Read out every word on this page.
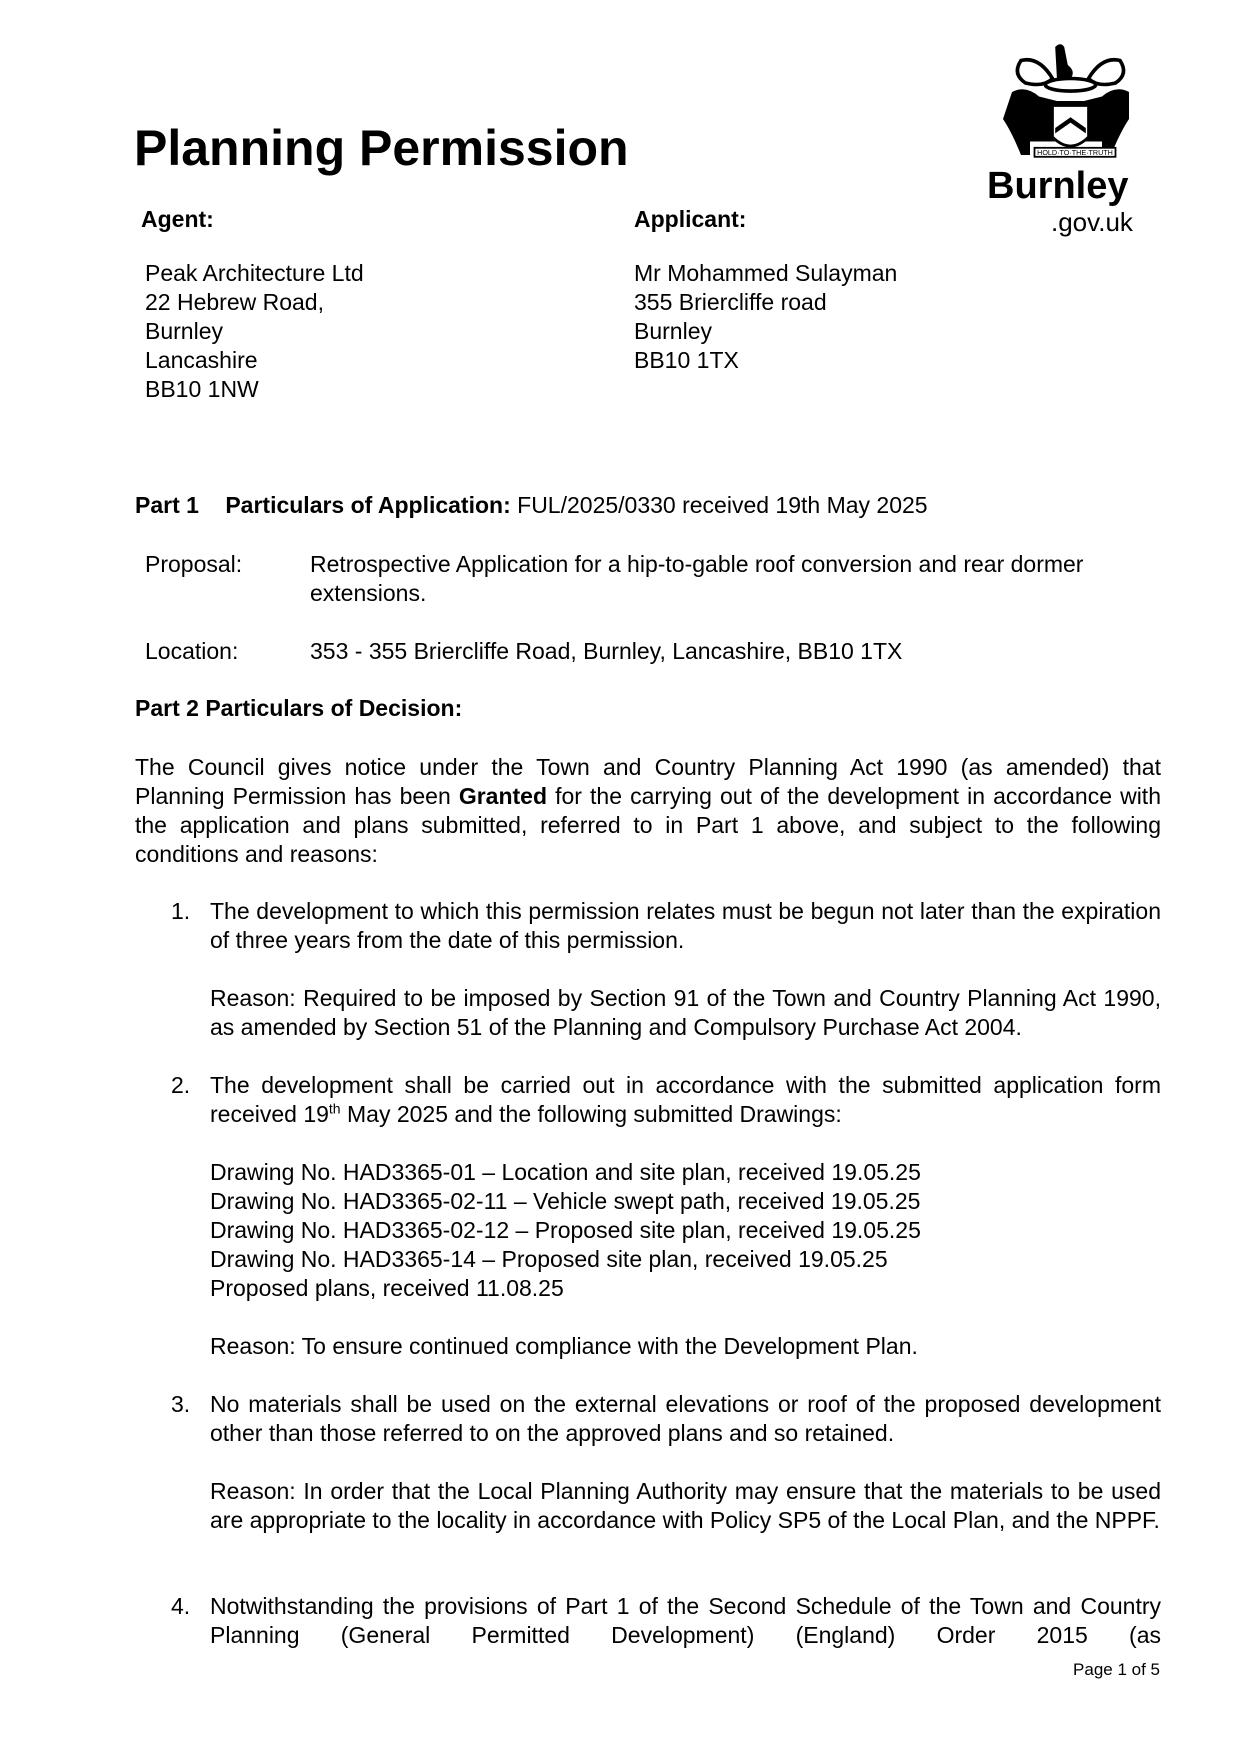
Planning Permission	HOLD·TO·THE·TRUTH
Burnley
.gov.uk
Agent:
Peak Architecture Ltd
22 Hebrew Road,
Burnley
Lancashire
BB10 1NW
Applicant:
Mr Mohammed Sulayman
355 Briercliffe road
Burnley
BB10 1TX
Part 1 Particulars of Application: FUL/2025/0330 received 19th May 2025
Proposal:	Retrospective Application for a hip-to-gable roof conversion and rear dormer extensions.
Location:	353 - 355 Briercliffe Road, Burnley, Lancashire, BB10 1TX
Part 2 Particulars of Decision:
The Council gives notice under the Town and Country Planning Act 1990 (as amended) that Planning Permission has been Granted for the carrying out of the development in accordance with the application and plans submitted, referred to in Part 1 above, and subject to the following conditions and reasons:
1. The development to which this permission relates must be begun not later than the expiration of three years from the date of this permission.

Reason: Required to be imposed by Section 91 of the Town and Country Planning Act 1990, as amended by Section 51 of the Planning and Compulsory Purchase Act 2004.

2. The development shall be carried out in accordance with the submitted application form received 19th May 2025 and the following submitted Drawings:

Drawing No. HAD3365-01 – Location and site plan, received 19.05.25
Drawing No. HAD3365-02-11 – Vehicle swept path, received 19.05.25
Drawing No. HAD3365-02-12 – Proposed site plan, received 19.05.25
Drawing No. HAD3365-14 – Proposed site plan, received 19.05.25
Proposed plans, received 11.08.25

Reason: To ensure continued compliance with the Development Plan.

3. No materials shall be used on the external elevations or roof of the proposed development other than those referred to on the approved plans and so retained.

Reason: In order that the Local Planning Authority may ensure that the materials to be used are appropriate to the locality in accordance with Policy SP5 of the Local Plan, and the NPPF.

4. Notwithstanding the provisions of Part 1 of the Second Schedule of the Town and Country Planning (General Permitted Development) (England) Order 2015 (as

Page 1 of 5
